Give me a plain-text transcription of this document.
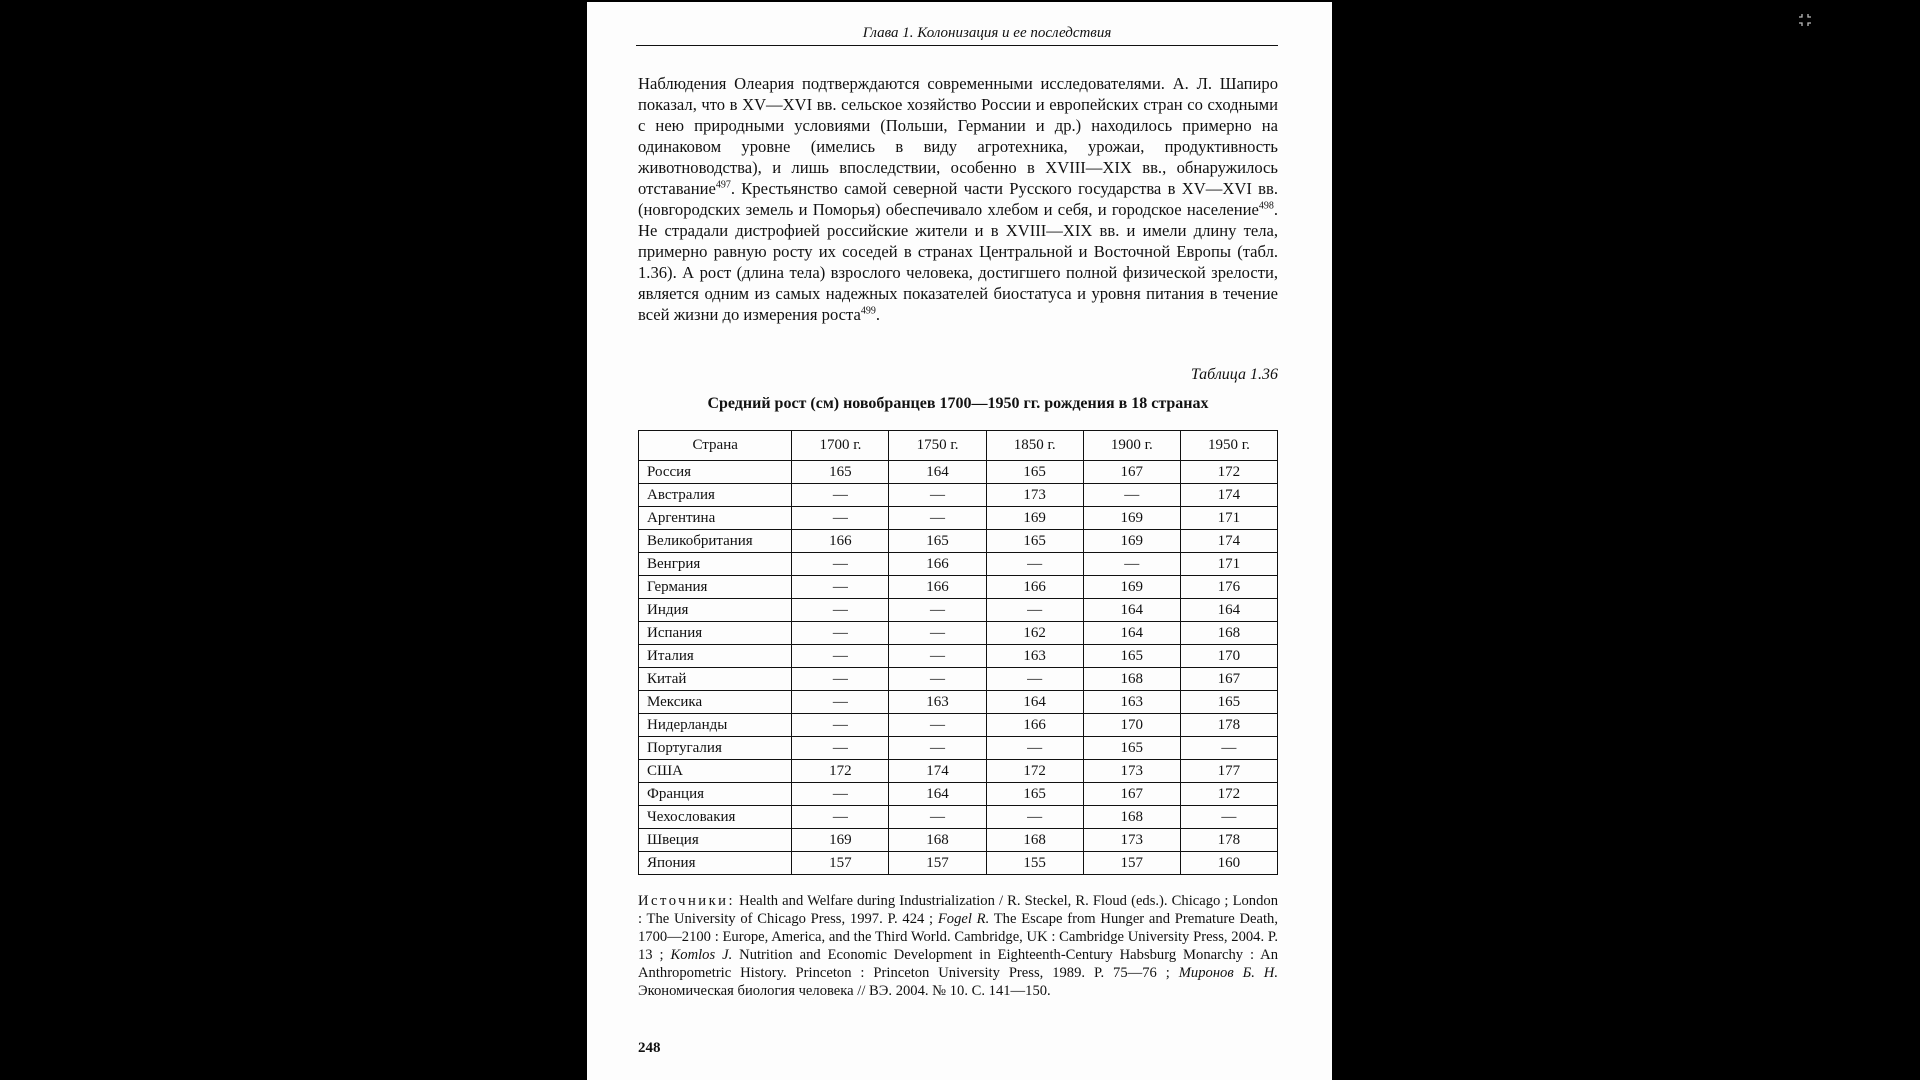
Глава 1. Колонизация и ее последствия
Наблюдения Олеария подтверждаются современными исследователями. А. Л. Шапиро показал, что в XV—XVI вв. сельское хозяйство России и европейских стран со сходными с нею природными условиями (Польши, Германии и др.) находилось примерно на одинаковом уровне (имелись в виду агротехника, урожаи, продуктивность животноводства), и лишь впоследствии, особенно в XVIII—XIX вв., обнаружилось отставание$^{497}$. Крестьянство самой северной части Русского государства в XV—XVI вв. (новгородских земель и Поморья) обеспечивало хлебом и себя, и городское население$^{498}$. Не страдали дистрофией российские жители и в XVIII—XIX вв. и имели длину тела, примерно равную росту их соседей в странах Центральной и Восточной Европы (табл. 1.36). А рост (длина тела) взрослого человека, достигшего полной физической зрелости, является одним из самых надежных показателей биостатуса и уровня питания в течение всей жизни до измерения роста$^{499}$.
Таблица 1.36
Средний рост (см) новобранцев 1700—1950 гг. рождения в 18 странах
Страна	1700 г.	1750 г.	1850 г.	1900 г.	1950 г.
Россия	165	164	165	167	172
Австралия	—	—	173	—	174
Аргентина	—	—	169	169	171
Великобритания	166	165	165	169	174
Венгрия	—	166	—	—	171
Германия	—	166	166	169	176
Индия	—	—	—	164	164
Испания	—	—	162	164	168
Италия	—	—	163	165	170
Китай	—	—	—	168	167
Мексика	—	163	164	163	165
Нидерланды	—	—	166	170	178
Португалия	—	—	—	165	—
США	172	174	172	173	177
Франция	—	164	165	167	172
Чехословакия	—	—	—	168	—
Швеция	169	168	168	173	178
Япония	157	157	155	157	160
Источники: Health and Welfare during Industrialization / R. Steckel, R. Floud (eds.). Chicago ; London : The University of Chicago Press, 1997. P. 424 ; Fogel R. The Escape from Hunger and Premature Death, 1700—2100 : Europe, America, and the Third World. Cambridge, UK : Cambridge University Press, 2004. P. 13 ; Komlos J. Nutrition and Economic Development in Eighteenth-Century Habsburg Monarchy : An Anthropometric History. Princeton : Princeton University Press, 1989. P. 75—76 ; Миронов Б. Н. Экономическая биология человека // ВЭ. 2004. № 10. С. 141—150.
248
